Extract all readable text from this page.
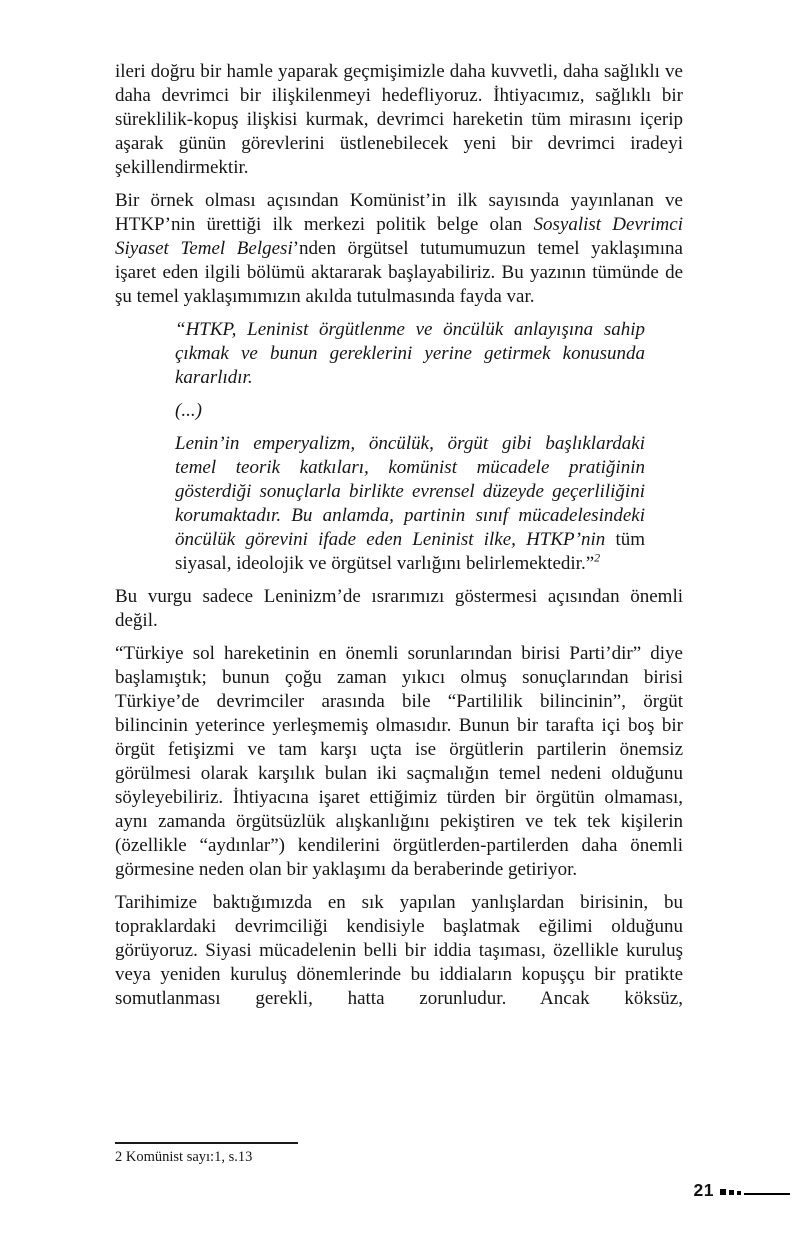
ileri doğru bir hamle yaparak geçmişimizle daha kuvvetli, daha sağlıklı ve daha devrimci bir ilişkilenmeyi hedefliyoruz. İhtiyacımız, sağlıklı bir süreklilik-kopuş ilişkisi kurmak, devrimci hareketin tüm mirasını içerip aşarak günün görevlerini üstlenebilecek yeni bir devrimci iradeyi şekillendirmektir.

Bir örnek olması açısından Komünist’in ilk sayısında yayınlanan ve HTKP’nin ürettiği ilk merkezi politik belge olan Sosyalist Devrimci Siyaset Temel Belgesi’nden örgütsel tutumumuzun temel yaklaşımına işaret eden ilgili bölümü aktararak başlayabiliriz. Bu yazının tümünde de şu temel yaklaşımımızın akılda tutulmasında fayda var.

“HTKP, Leninist örgütlenme ve öncülük anlayışına sahip çıkmak ve bunun gereklerini yerine getirmek konusunda kararlıdır.

(...)

Lenin’in emperyalizm, öncülük, örgüt gibi başlıklardaki temel teorik katkıları, komünist mücadele pratiğinin gösterdiği sonuçlarla birlikte evrensel düzeyde geçerliliğini korumaktadır. Bu anlamda, partinin sınıf mücadelesindeki öncülük görevini ifade eden Leninist ilke, HTKP’nin tüm siyasal, ideolojik ve örgütsel varlığını belirlemektedir.”$^2$

Bu vurgu sadece Leninizm’de ısrarımızı göstermesi açısından önemli değil.

“Türkiye sol hareketinin en önemli sorunlarından birisi Parti’dir” diye başlamıştık; bunun çoğu zaman yıkıcı olmuş sonuçlarından birisi Türkiye’de devrimciler arasında bile “Partililik bilincinin”, örgüt bilincinin yeterince yerleşmemiş olmasıdır. Bunun bir tarafta içi boş bir örgüt fetişizmi ve tam karşı uçta ise örgütlerin partilerin önemsiz görülmesi olarak karşılık bulan iki saçmalığın temel nedeni olduğunu söyleyebiliriz. İhtiyacına işaret ettiğimiz türden bir örgütün olmaması, aynı zamanda örgütsüzlük alışkanlığını pekiştiren ve tek tek kişilerin (özellikle “aydınlar”) kendilerini örgütlerden-partilerden daha önemli görmesine neden olan bir yaklaşımı da beraberinde getiriyor.

Tarihimize baktığımızda en sık yapılan yanlışlardan birisinin, bu topraklardaki devrimciliği kendisiyle başlatmak eğilimi olduğunu görüyoruz. Siyasi mücadelenin belli bir iddia taşıması, özellikle kuruluş veya yeniden kuruluş dönemlerinde bu iddiaların kopuşçu bir pratikte somutlanması gerekli, hatta zorunludur. Ancak köksüz,

2 Komünist sayı:1, s.13
21
